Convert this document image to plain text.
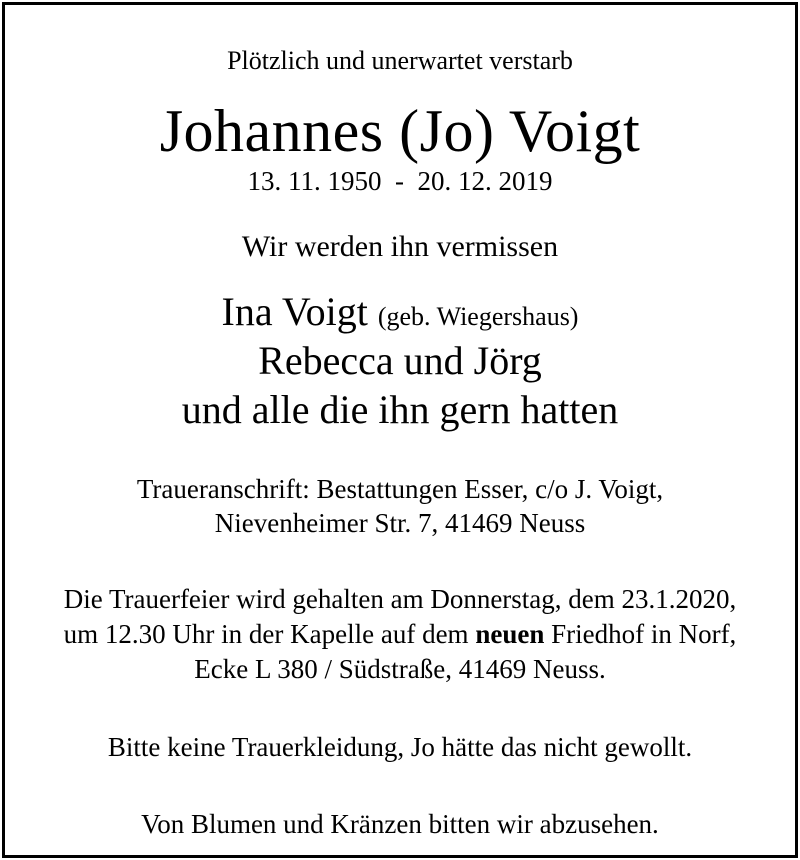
Plötzlich und unerwartet verstarb
Johannes (Jo) Voigt
13. 11. 1950  -  20. 12. 2019
Wir werden ihn vermissen
Ina Voigt (geb. Wiegershaus)
Rebecca und Jörg
und alle die ihn gern hatten
Traueranschrift: Bestattungen Esser, c/o J. Voigt,
Nievenheimer Str. 7, 41469 Neuss
Die Trauerfeier wird gehalten am Donnerstag, dem 23.1.2020,
um 12.30 Uhr in der Kapelle auf dem neuen Friedhof in Norf,
Ecke L 380 / Südstraße, 41469 Neuss.
Bitte keine Trauerkleidung, Jo hätte das nicht gewollt.
Von Blumen und Kränzen bitten wir abzusehen.
